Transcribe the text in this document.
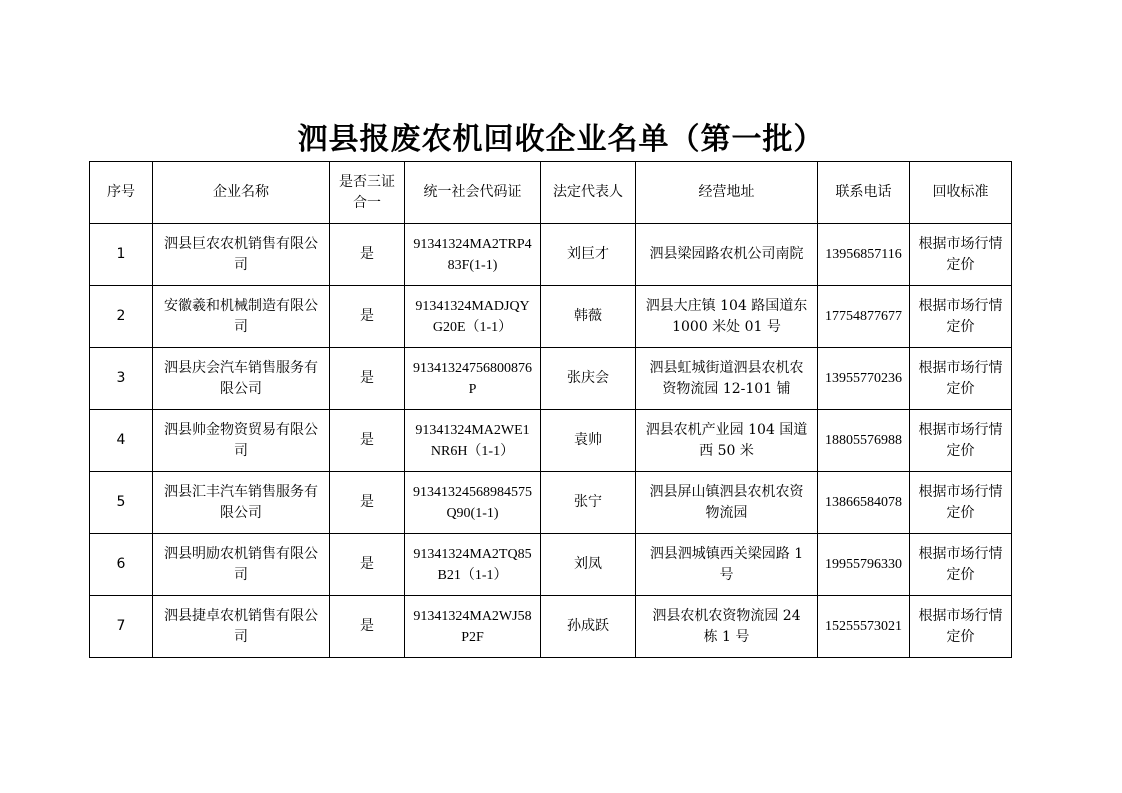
泗县报废农机回收企业名单（第一批）
序号	企业名称	是否三证合一	统一社会代码证	法定代表人	经营地址	联系电话	回收标准
1	泗县巨农农机销售有限公司	是	91341324MA2TRP483F(1-1)	刘巨才	泗县梁园路农机公司南院	13956857116	根据市场行情定价
2	安徽羲和机械制造有限公司	是	91341324MADJQYG20E（1-1）	韩薇	泗县大庄镇 104 路国道东 1000 米处 01 号	17754877677	根据市场行情定价
3	泗县庆会汽车销售服务有限公司	是	91341324756800876P	张庆会	泗县虹城街道泗县农机农资物流园 12-101 铺	13955770236	根据市场行情定价
4	泗县帅金物资贸易有限公司	是	91341324MA2WE1NR6H（1-1）	袁帅	泗县农机产业园 104 国道西 50 米	18805576988	根据市场行情定价
5	泗县汇丰汽车销售服务有限公司	是	91341324568984575Q90(1-1)	张宁	泗县屏山镇泗县农机农资物流园	13866584078	根据市场行情定价
6	泗县明励农机销售有限公司	是	91341324MA2TQ85B21（1-1）	刘凤	泗县泗城镇西关梁园路 1 号	19955796330	根据市场行情定价
7	泗县捷卓农机销售有限公司	是	91341324MA2WJ58P2F	孙成跃	泗县农机农资物流园 24 栋 1 号	15255573021	根据市场行情定价
